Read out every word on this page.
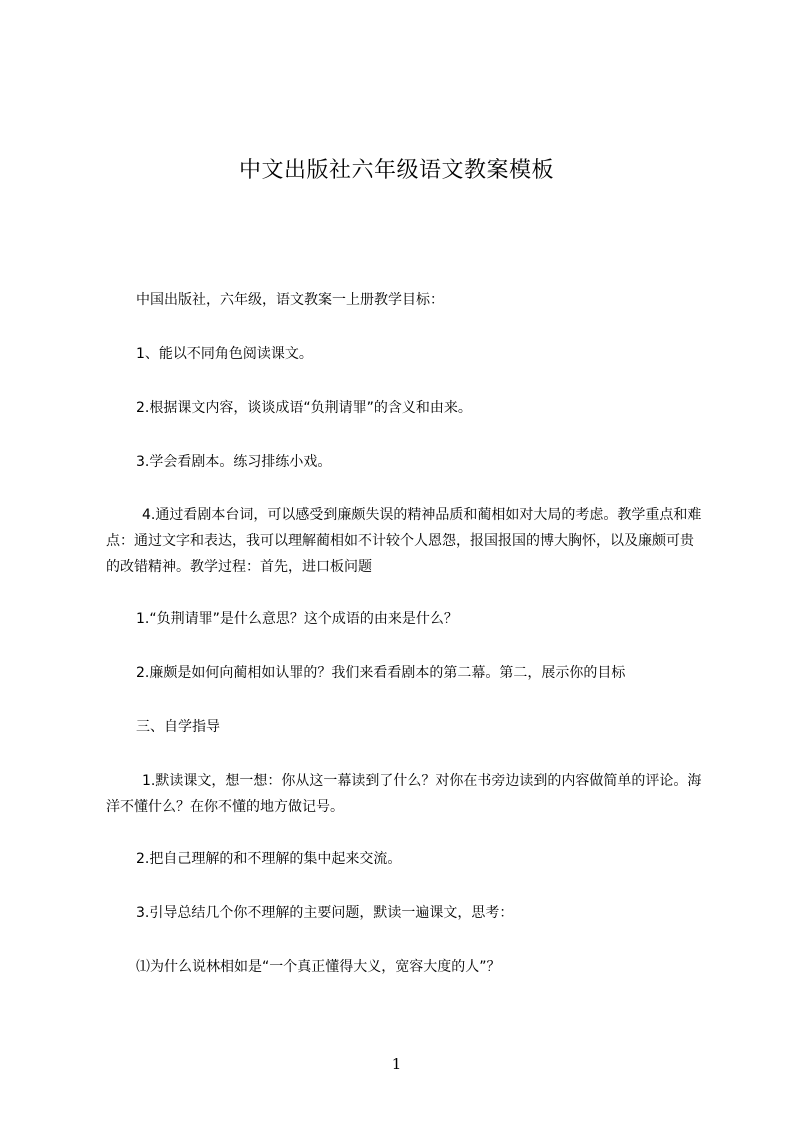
中文出版社六年级语文教案模板

中国出版社，六年级，语文教案一上册教学目标：

1、能以不同角色阅读课文。

2.根据课文内容，谈谈成语“负荆请罪”的含义和由来。

3.学会看剧本。练习排练小戏。

4.通过看剧本台词，可以感受到廉颇失误的精神品质和蔺相如对大局的考虑。教学重点和难点：通过文字和表达，我可以理解蔺相如不计较个人恩怨，报国报国的博大胸怀，以及廉颇可贵的改错精神。教学过程：首先，进口板问题

1.“负荆请罪”是什么意思？这个成语的由来是什么？

2.廉颇是如何向蔺相如认罪的？我们来看看剧本的第二幕。第二，展示你的目标

三、自学指导

1.默读课文，想一想：你从这一幕读到了什么？对你在书旁边读到的内容做简单的评论。海洋不懂什么？在你不懂的地方做记号。

2.把自己理解的和不理解的集中起来交流。

3.引导总结几个你不理解的主要问题，默读一遍课文，思考：

⑴为什么说林相如是“一个真正懂得大义，宽容大度的人”？

1
